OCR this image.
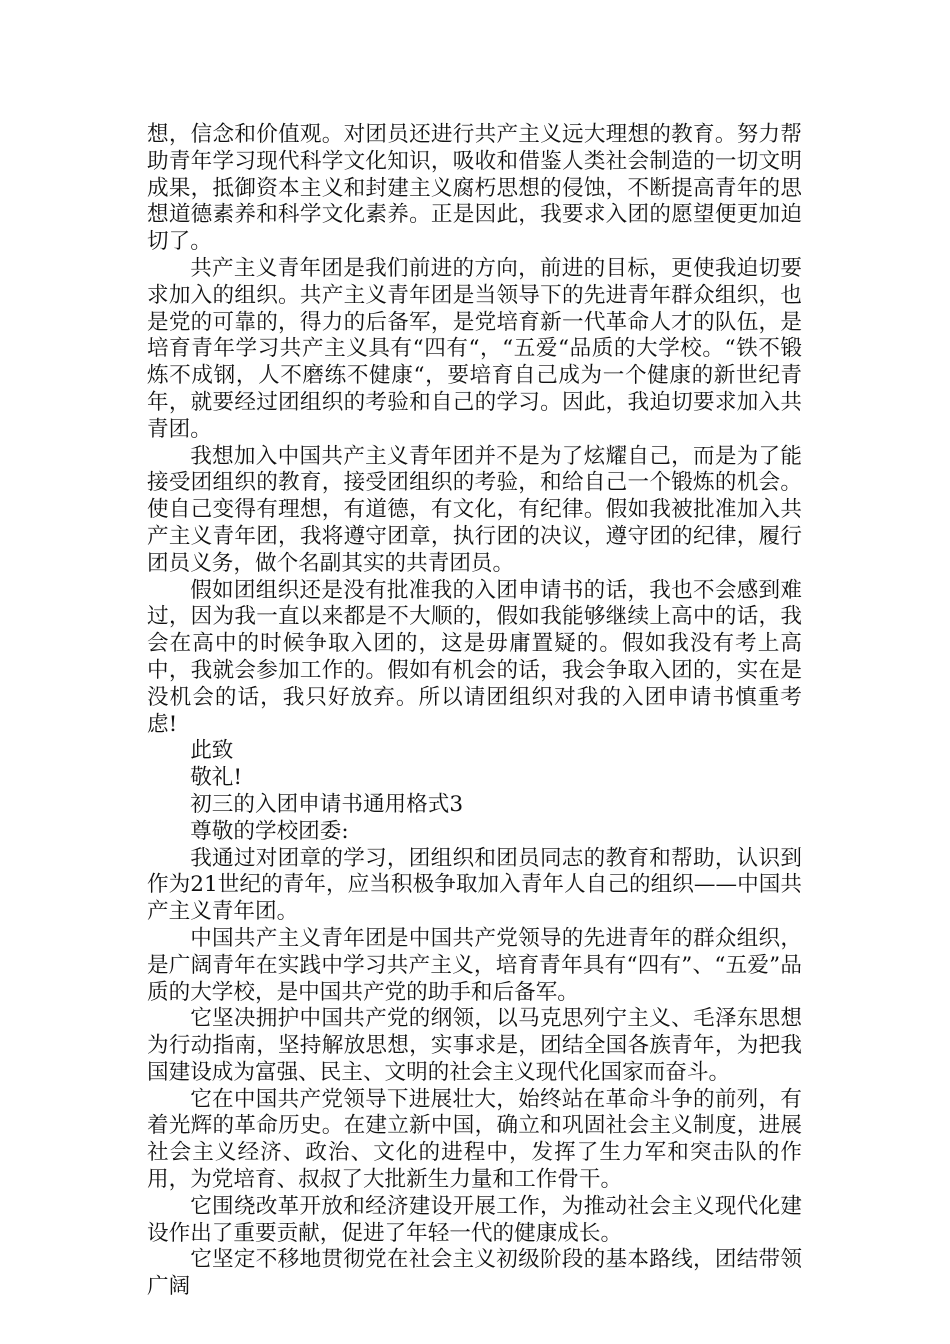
想，信念和价值观。对团员还进行共产主义远大理想的教育。努力帮助青年学习现代科学文化知识，吸收和借鉴人类社会制造的一切文明成果，抵御资本主义和封建主义腐朽思想的侵蚀，不断提高青年的思想道德素养和科学文化素养。正是因此，我要求入团的愿望便更加迫切了。

共产主义青年团是我们前进的方向，前进的目标，更使我迫切要求加入的组织。共产主义青年团是当领导下的先进青年群众组织，也是党的可靠的，得力的后备军，是党培育新一代革命人才的队伍，是培育青年学习共产主义具有“四有“，“五爱“品质的大学校。“铁不锻炼不成钢，人不磨练不健康“，要培育自己成为一个健康的新世纪青年，就要经过团组织的考验和自己的学习。因此，我迫切要求加入共青团。

我想加入中国共产主义青年团并不是为了炫耀自己，而是为了能接受团组织的教育，接受团组织的考验，和给自己一个锻炼的机会。使自己变得有理想，有道德，有文化，有纪律。假如我被批准加入共产主义青年团，我将遵守团章，执行团的决议，遵守团的纪律，履行团员义务，做个名副其实的共青团员。

假如团组织还是没有批准我的入团申请书的话，我也不会感到难过，因为我一直以来都是不大顺的，假如我能够继续上高中的话，我会在高中的时候争取入团的，这是毋庸置疑的。假如我没有考上高中，我就会参加工作的。假如有机会的话，我会争取入团的，实在是没机会的话，我只好放弃。所以请团组织对我的入团申请书慎重考虑!

此致

敬礼!

初三的入团申请书通用格式3

尊敬的学校团委:

我通过对团章的学习，团组织和团员同志的教育和帮助，认识到作为21世纪的青年，应当积极争取加入青年人自己的组织——中国共产主义青年团。

中国共产主义青年团是中国共产党领导的先进青年的群众组织，是广阔青年在实践中学习共产主义，培育青年具有“四有”、“五爱”品质的大学校，是中国共产党的助手和后备军。

它坚决拥护中国共产党的纲领，以马克思列宁主义、毛泽东思想为行动指南，坚持解放思想，实事求是，团结全国各族青年，为把我国建设成为富强、民主、文明的社会主义现代化国家而奋斗。

它在中国共产党领导下进展壮大，始终站在革命斗争的前列，有着光辉的革命历史。在建立新中国，确立和巩固社会主义制度，进展社会主义经济、政治、文化的进程中，发挥了生力军和突击队的作用，为党培育、叔叔了大批新生力量和工作骨干。

它围绕改革开放和经济建设开展工作，为推动社会主义现代化建设作出了重要贡献，促进了年轻一代的健康成长。

它坚定不移地贯彻党在社会主义初级阶段的基本路线，团结带领广阔
